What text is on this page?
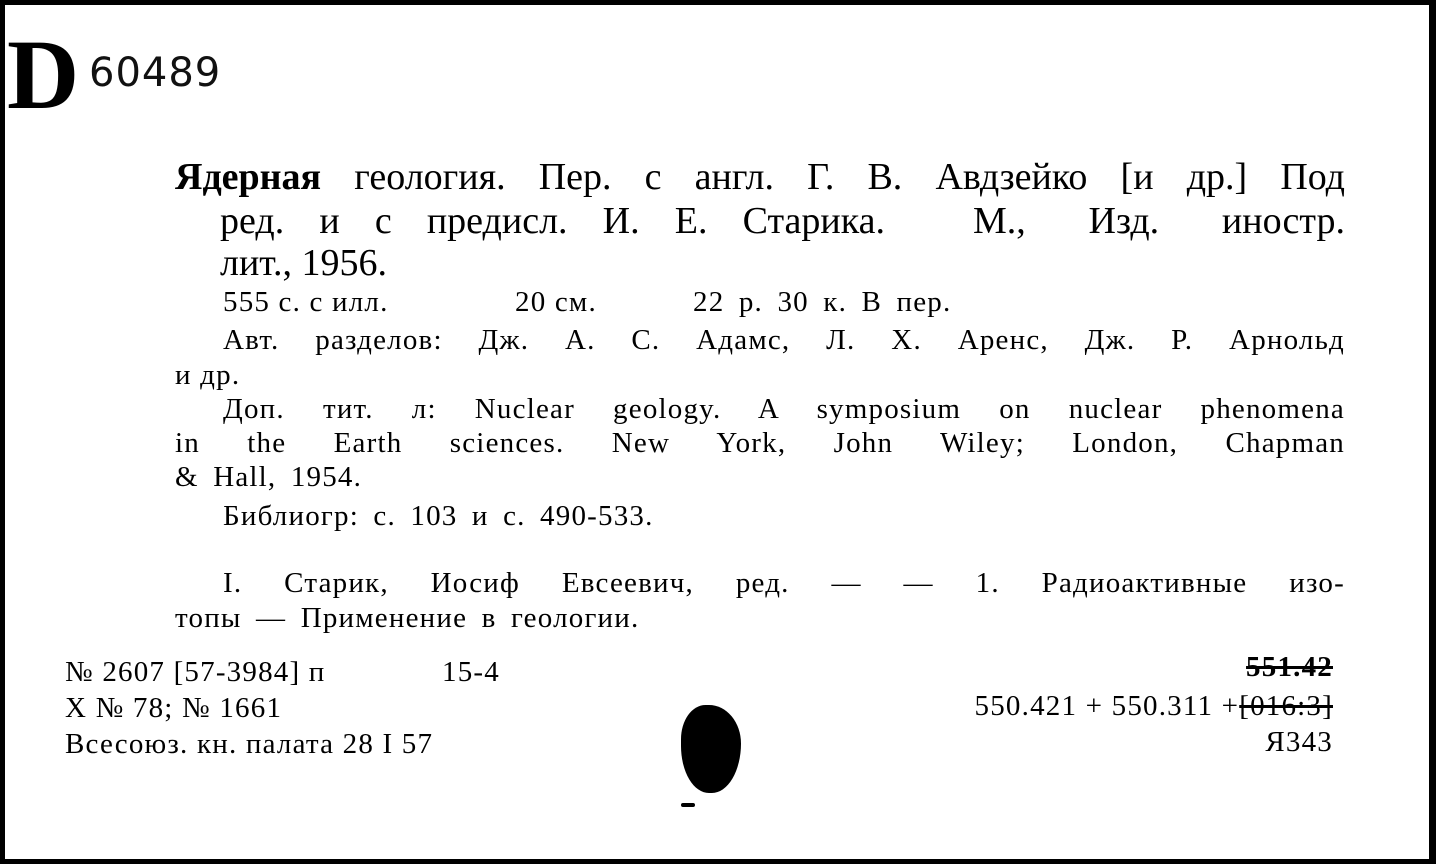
D 60489
Ядерная геология. Пер. с англ. Г. В. Авдзейко [и др.] Под
ред. и с предисл. И. Е. Старика. М., Изд. иностр.
лит., 1956.
555 с. с илл.	20 см.	22 р. 30 к. В пер.
Авт. разделов: Дж. А. С. Адамс, Л. Х. Аренс, Дж. Р. Арнольд
и др.
Доп. тит. л: Nuclear geology. A symposium on nuclear phenomena
in the Earth sciences. New York, John Wiley; London, Chapman
& Hall, 1954.
Библиогр: с. 103 и с. 490-533.
I. Старик, Иосиф Евсеевич, ред. — — 1. Радиоактивные изо-
топы — Применение в геологии.
№ 2607 [57-3984] п	15-4
Х № 78; № 1661
Всесоюз. кн. палата 28 I 57
551.42
550.421 + 550.311 +[016:3]
Я343
